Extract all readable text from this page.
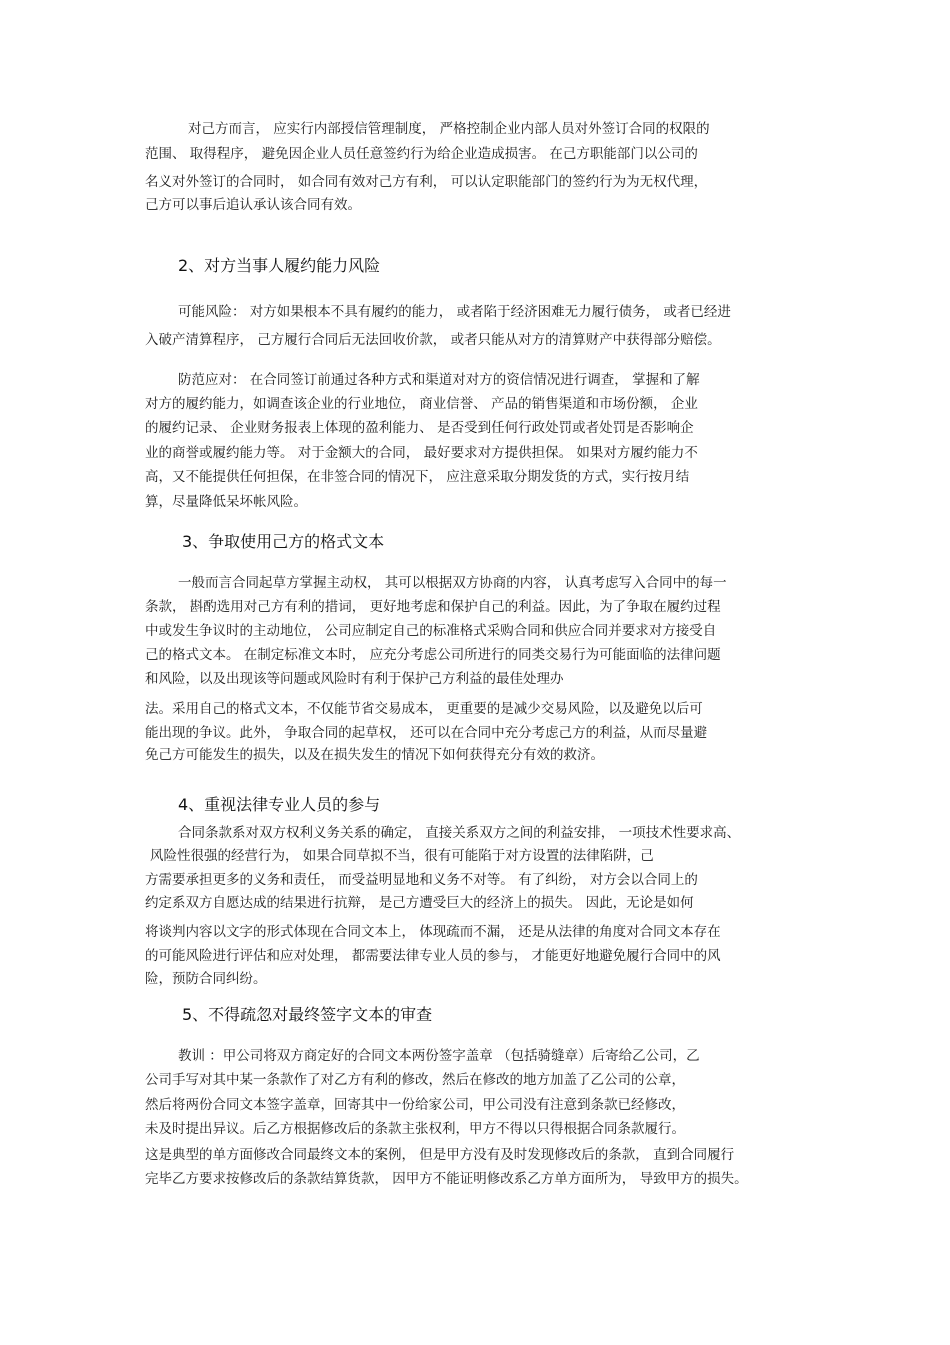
对己方而言， 应实行内部授信管理制度， 严格控制企业内部人员对外签订合同的权限的
范围、 取得程序， 避免因企业人员任意签约行为给企业造成损害。 在己方职能部门以公司的
名义对外签订的合同时， 如合同有效对己方有利， 可以认定职能部门的签约行为为无权代理，
己方可以事后追认承认该合同有效。
2、对方当事人履约能力风险
可能风险： 对方如果根本不具有履约的能力， 或者陷于经济困难无力履行债务， 或者已经进
入破产清算程序， 己方履行合同后无法回收价款， 或者只能从对方的清算财产中获得部分赔偿。
防范应对： 在合同签订前通过各种方式和渠道对对方的资信情况进行调查， 掌握和了解
对方的履约能力，如调查该企业的行业地位， 商业信誉、 产品的销售渠道和市场份额， 企业
的履约记录、 企业财务报表上体现的盈利能力、 是否受到任何行政处罚或者处罚是否影响企
业的商誉或履约能力等。 对于金额大的合同， 最好要求对方提供担保。 如果对方履约能力不
高，又不能提供任何担保，在非签合同的情况下， 应注意采取分期发货的方式，实行按月结
算，尽量降低呆坏帐风险。
3、争取使用己方的格式文本
一般而言合同起草方掌握主动权， 其可以根据双方协商的内容， 认真考虑写入合同中的每一
条款， 斟酌选用对己方有利的措词， 更好地考虑和保护自己的利益。因此，为了争取在履约过程
中或发生争议时的主动地位， 公司应制定自己的标准格式采购合同和供应合同并要求对方接受自
己的格式文本。 在制定标准文本时， 应充分考虑公司所进行的同类交易行为可能面临的法律问题
和风险，以及出现该等问题或风险时有利于保护己方利益的最佳处理办
法。采用自己的格式文本，不仅能节省交易成本， 更重要的是减少交易风险，以及避免以后可
能出现的争议。此外， 争取合同的起草权， 还可以在合同中充分考虑己方的利益，从而尽量避
免己方可能发生的损失，以及在损失发生的情况下如何获得充分有效的救济。
4、重视法律专业人员的参与
合同条款系对双方权利义务关系的确定， 直接关系双方之间的利益安排， 一项技术性要求高、
风险性很强的经营行为， 如果合同草拟不当，很有可能陷于对方设置的法律陷阱，己
方需要承担更多的义务和责任， 而受益明显地和义务不对等。 有了纠纷， 对方会以合同上的
约定系双方自愿达成的结果进行抗辩， 是己方遭受巨大的经济上的损失。 因此，无论是如何
将谈判内容以文字的形式体现在合同文本上， 体现疏而不漏， 还是从法律的角度对合同文本存在
的可能风险进行评估和应对处理， 都需要法律专业人员的参与， 才能更好地避免履行合同中的风
险，预防合同纠纷。
5、不得疏忽对最终签字文本的审查
教训 ：甲公司将双方商定好的合同文本两份签字盖章 （包括骑缝章）后寄给乙公司，乙
公司手写对其中某一条款作了对乙方有利的修改，然后在修改的地方加盖了乙公司的公章，
然后将两份合同文本签字盖章，回寄其中一份给家公司，甲公司没有注意到条款已经修改，
未及时提出异议。后乙方根据修改后的条款主张权利，甲方不得以只得根据合同条款履行。
这是典型的单方面修改合同最终文本的案例， 但是甲方没有及时发现修改后的条款， 直到合同履行
完毕乙方要求按修改后的条款结算货款， 因甲方不能证明修改系乙方单方面所为， 导致甲方的损失。
